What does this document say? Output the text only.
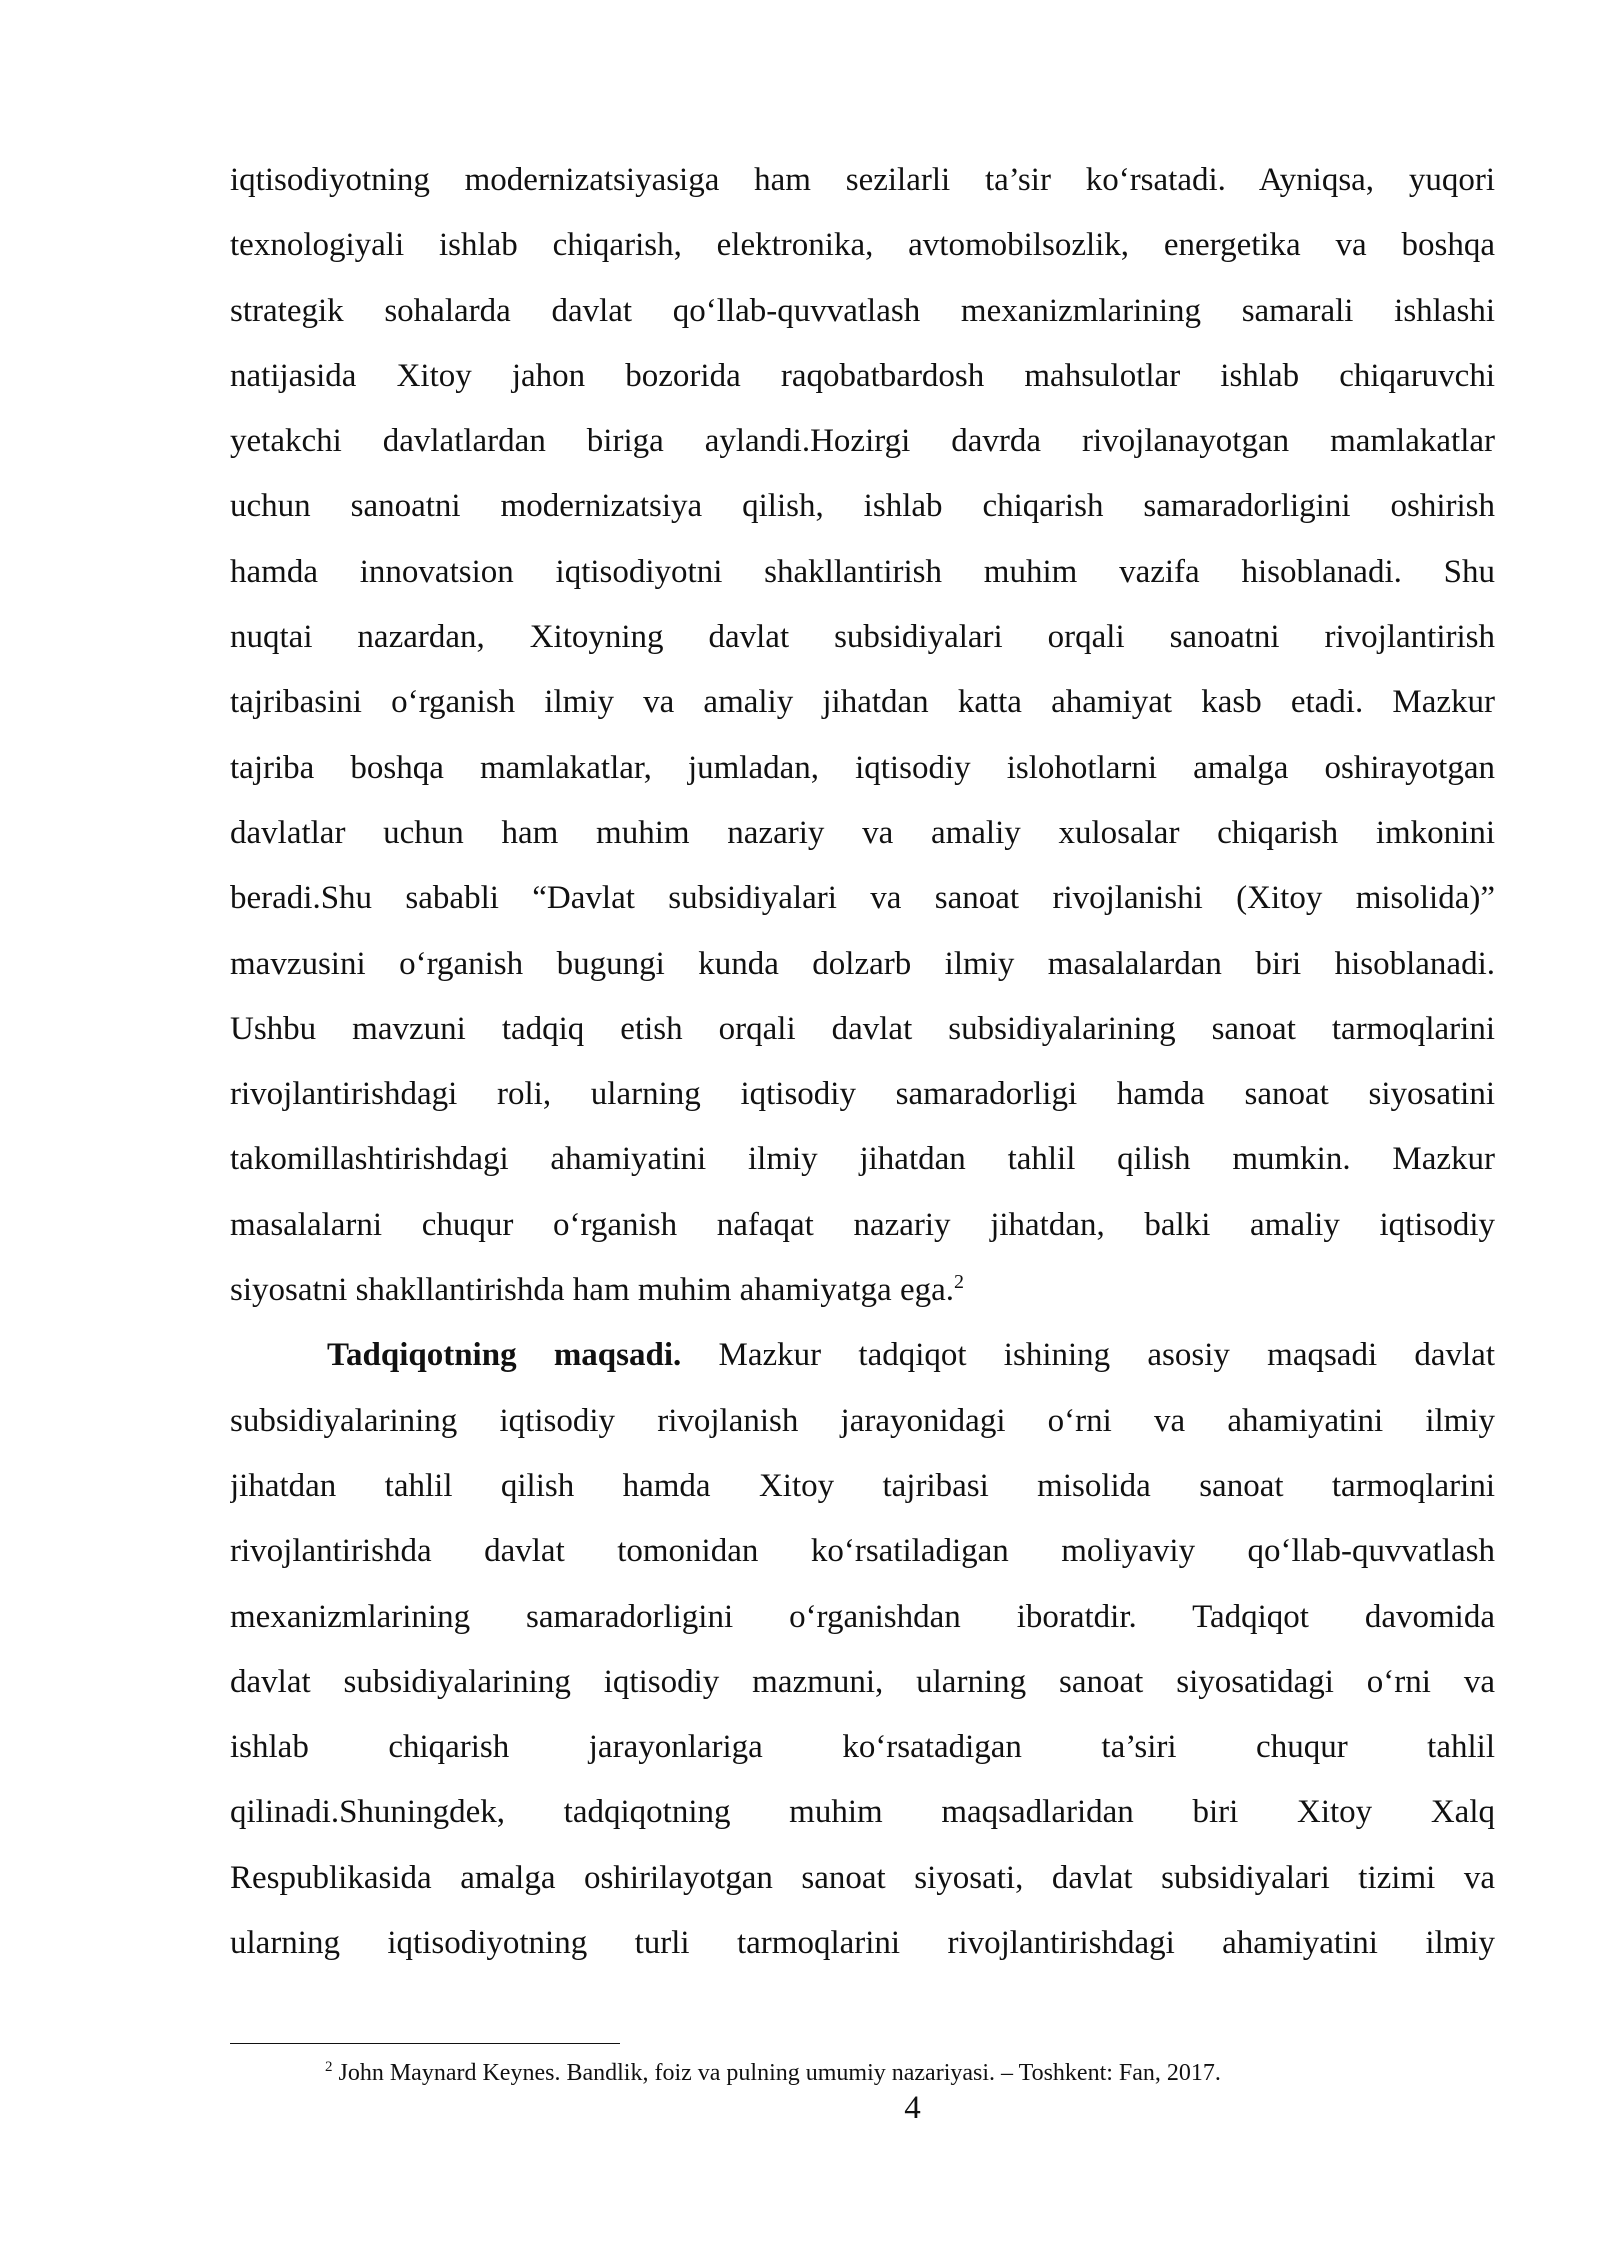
iqtisodiyotning modernizatsiyasiga ham sezilarli ta’sir ko‘rsatadi. Ayniqsa, yuqori
texnologiyali ishlab chiqarish, elektronika, avtomobilsozlik, energetika va boshqa
strategik sohalarda davlat qo‘llab-quvvatlash mexanizmlarining samarali ishlashi
natijasida Xitoy jahon bozorida raqobatbardosh mahsulotlar ishlab chiqaruvchi
yetakchi davlatlardan biriga aylandi.Hozirgi davrda rivojlanayotgan mamlakatlar
uchun sanoatni modernizatsiya qilish, ishlab chiqarish samaradorligini oshirish
hamda innovatsion iqtisodiyotni shakllantirish muhim vazifa hisoblanadi. Shu
nuqtai nazardan, Xitoyning davlat subsidiyalari orqali sanoatni rivojlantirish
tajribasini o‘rganish ilmiy va amaliy jihatdan katta ahamiyat kasb etadi. Mazkur
tajriba boshqa mamlakatlar, jumladan, iqtisodiy islohotlarni amalga oshirayotgan
davlatlar uchun ham muhim nazariy va amaliy xulosalar chiqarish imkonini
beradi.Shu sababli “Davlat subsidiyalari va sanoat rivojlanishi (Xitoy misolida)”
mavzusini o‘rganish bugungi kunda dolzarb ilmiy masalalardan biri hisoblanadi.
Ushbu mavzuni tadqiq etish orqali davlat subsidiyalarining sanoat tarmoqlarini
rivojlantirishdagi roli, ularning iqtisodiy samaradorligi hamda sanoat siyosatini
takomillashtirishdagi ahamiyatini ilmiy jihatdan tahlil qilish mumkin. Mazkur
masalalarni chuqur o‘rganish nafaqat nazariy jihatdan, balki amaliy iqtisodiy
siyosatni shakllantirishda ham muhim ahamiyatga ega.$^2$
Tadqiqotning maqsadi. Mazkur tadqiqot ishining asosiy maqsadi davlat
subsidiyalarining iqtisodiy rivojlanish jarayonidagi o‘rni va ahamiyatini ilmiy
jihatdan tahlil qilish hamda Xitoy tajribasi misolida sanoat tarmoqlarini
rivojlantirishda davlat tomonidan ko‘rsatiladigan moliyaviy qo‘llab-quvvatlash
mexanizmlarining samaradorligini o‘rganishdan iboratdir. Tadqiqot davomida
davlat subsidiyalarining iqtisodiy mazmuni, ularning sanoat siyosatidagi o‘rni va
ishlab chiqarish jarayonlariga ko‘rsatadigan ta’siri chuqur tahlil
qilinadi.Shuningdek, tadqiqotning muhim maqsadlaridan biri Xitoy Xalq
Respublikasida amalga oshirilayotgan sanoat siyosati, davlat subsidiyalari tizimi va
ularning iqtisodiyotning turli tarmoqlarini rivojlantirishdagi ahamiyatini ilmiy
$^2$ John Maynard Keynes. Bandlik, foiz va pulning umumiy nazariyasi. – Toshkent: Fan, 2017.
4
